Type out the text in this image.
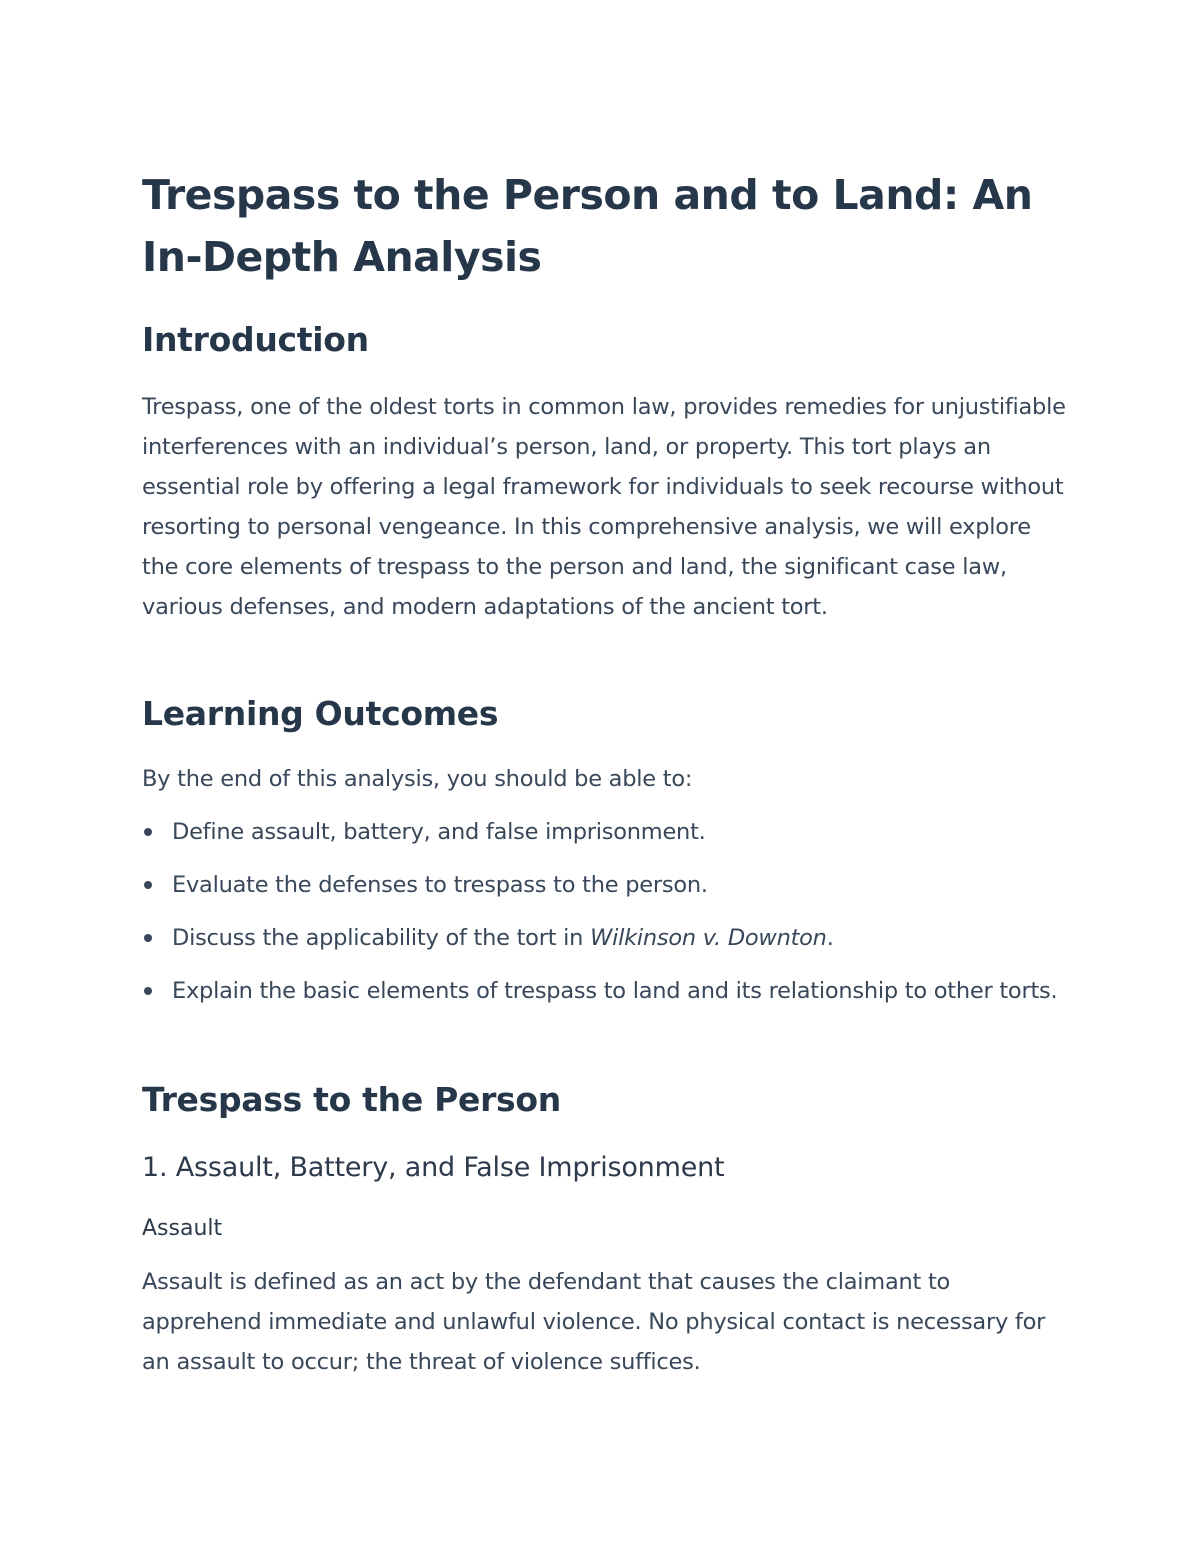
Trespass to the Person and to Land: An In-Depth Analysis
Introduction

Trespass, one of the oldest torts in common law, provides remedies for unjustifiable interferences with an individual’s person, land, or property. This tort plays an essential role by offering a legal framework for individuals to seek recourse without resorting to personal vengeance. In this comprehensive analysis, we will explore the core elements of trespass to the person and land, the significant case law, various defenses, and modern adaptations of the ancient tort.

Learning Outcomes

By the end of this analysis, you should be able to:

Define assault, battery, and false imprisonment.
Evaluate the defenses to trespass to the person.
Discuss the applicability of the tort in Wilkinson v. Downton.
Explain the basic elements of trespass to land and its relationship to other torts.
Trespass to the Person
1. Assault, Battery, and False Imprisonment
Assault

Assault is defined as an act by the defendant that causes the claimant to apprehend immediate and unlawful violence. No physical contact is necessary for an assault to occur; the threat of violence suffices.
